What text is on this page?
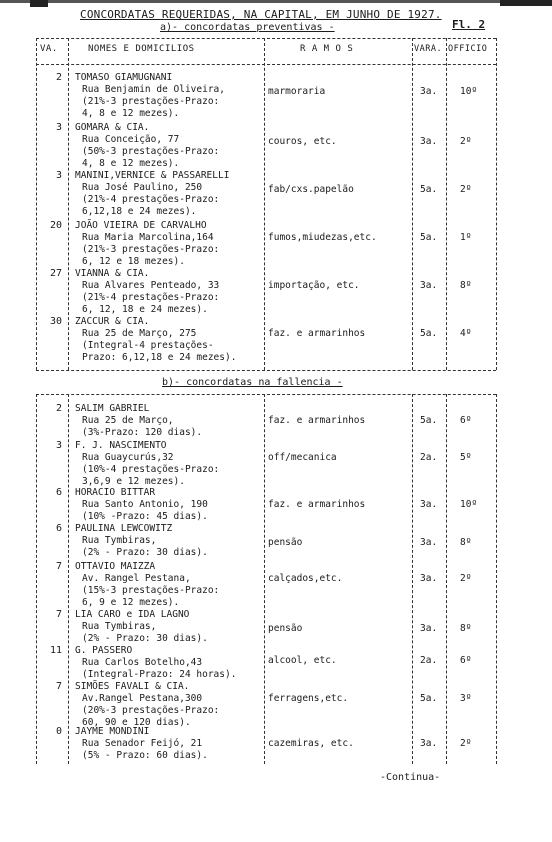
CONCORDATAS REQUERIDAS, NA CAPITAL, EM JUNHO DE 1927.
Fl. 2
a)- concordatas preventivas -
VA.	NOMES E DOMICILIOS	R A M O S	VARA. OFFICIO
2 TOMASO GIAMUGNANI
Rua Benjamin de Oliveira,
(21%-3 prestações-Prazo:
4, 8 e 12 mezes).
marmoraria	3a. 10º
3 GOMARA & CIA.
Rua Conceição, 77
(50%-3 prestações-Prazo:
4, 8 e 12 mezes).
couros, etc.	3a. 2º
3 MANINI,VERNICE & PASSARELLI
Rua José Paulino, 250
(21%-4 prestações-Prazo:
6,12,18 e 24 mezes).
fab/cxs.papelão	5a. 2º
20 JOÃO VIEIRA DE CARVALHO
Rua Maria Marcolina,164
(21%-3 prestações-Prazo:
6, 12 e 18 mezes).
fumos,miudezas,etc.	5a. 1º
27 VIANNA & CIA.
Rua Alvares Penteado, 33
(21%-4 prestações-Prazo:
6, 12, 18 e 24 mezes).
importação, etc.	3a. 8º
30 ZACCUR & CIA.
Rua 25 de Março, 275
(Integral-4 prestações-
Prazo: 6,12,18 e 24 mezes).
faz. e armarinhos	5a. 4º
b)- concordatas na fallencia -
2 SALIM GABRIEL
Rua 25 de Março,
(3%-Prazo: 120 dias).
faz. e armarinhos	5a. 6º
3 F. J. NASCIMENTO
Rua Guaycurús,32
(10%-4 prestações-Prazo:
3,6,9 e 12 mezes).
off/mecanica	2a. 5º
6 HORACIO BITTAR
Rua Santo Antonio, 190
(10% -Prazo: 45 dias).
faz. e armarinhos	3a. 10º
6 PAULINA LEWCOWITZ
Rua Tymbiras,
(2% - Prazo: 30 dias).
pensão	3a. 8º
7 OTTAVIO MAIZZA
Av. Rangel Pestana,
(15%-3 prestações-Prazo:
6, 9 e 12 mezes).
calçados,etc.	3a. 2º
7 LIA CARO e IDA LAGNO
Rua Tymbiras,
(2% - Prazo: 30 dias).
pensão	3a. 8º
11 G. PASSERO
Rua Carlos Botelho,43
(Integral-Prazo: 24 horas).
alcool, etc.	2a. 6º
7 SIMÕES FAVALI & CIA.
Av.Rangel Pestana,300
(20%-3 prestações-Prazo:
60, 90 e 120 dias).
ferragens,etc.	5a. 3º
0 JAYME MONDINI
Rua Senador Feijó, 21
(5% - Prazo: 60 dias).
cazemiras, etc.	3a. 2º
-Continua-
